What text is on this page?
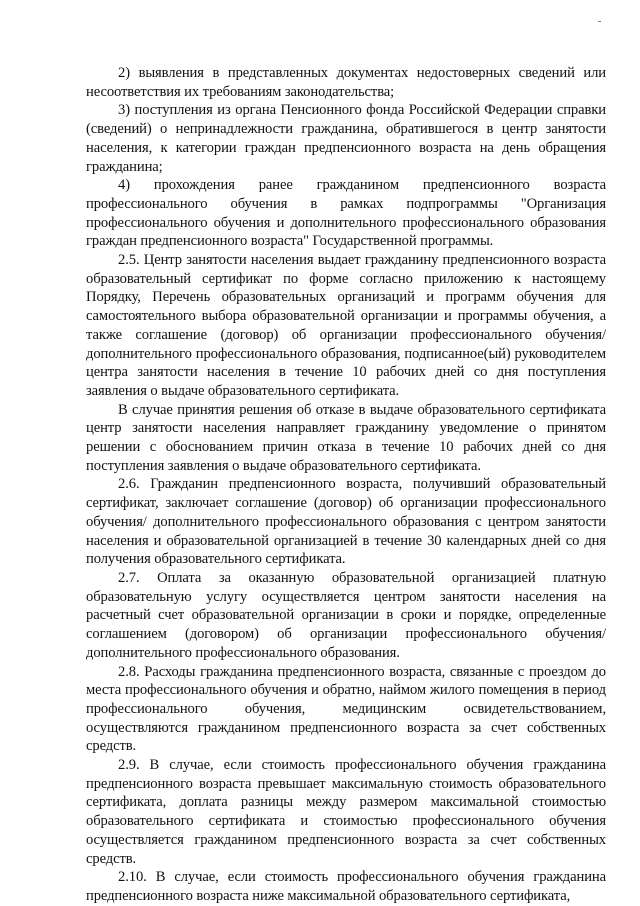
-

2) выявления в представленных документах недостоверных сведений или несоответствия их требованиям законодательства;

3) поступления из органа Пенсионного фонда Российской Федерации справки (сведений) о непринадлежности гражданина, обратившегося в центр занятости населения, к категории граждан предпенсионного возраста на день обращения гражданина;

4) прохождения ранее гражданином предпенсионного возраста профессионального обучения в рамках подпрограммы "Организация профессионального обучения и дополнительного профессионального образования граждан предпенсионного возраста" Государственной программы.

2.5. Центр занятости населения выдает гражданину предпенсионного возраста образовательный сертификат по форме согласно приложению к настоящему Порядку, Перечень образовательных организаций и программ обучения для самостоятельного выбора образовательной организации и программы обучения, а также соглашение (договор) об организации профессионального обучения/дополнительного профессионального образования, подписанное(ый) руководителем центра занятости населения в течение 10 рабочих дней со дня поступления заявления о выдаче образовательного сертификата.

В случае принятия решения об отказе в выдаче образовательного сертификата центр занятости населения направляет гражданину уведомление о принятом решении с обоснованием причин отказа в течение 10 рабочих дней со дня поступления заявления о выдаче образовательного сертификата.

2.6. Гражданин предпенсионного возраста, получивший образовательный сертификат, заключает соглашение (договор) об организации профессионального обучения/ дополнительного профессионального образования с центром занятости населения и образовательной организацией в течение 30 календарных дней со дня получения образовательного сертификата.

2.7. Оплата за оказанную образовательной организацией платную образовательную услугу осуществляется центром занятости населения на расчетный счет образовательной организации в сроки и порядке, определенные соглашением (договором) об организации профессионального обучения/ дополнительного профессионального образования.

2.8. Расходы гражданина предпенсионного возраста, связанные с проездом до места профессионального обучения и обратно, наймом жилого помещения в период профессионального обучения, медицинским освидетельствованием, осуществляются гражданином предпенсионного возраста за счет собственных средств.

2.9. В случае, если стоимость профессионального обучения гражданина предпенсионного возраста превышает максимальную стоимость образовательного сертификата, доплата разницы между размером максимальной стоимостью образовательного сертификата и стоимостью профессионального обучения осуществляется гражданином предпенсионного возраста за счет собственных средств.

2.10. В случае, если стоимость профессионального обучения гражданина предпенсионного возраста ниже максимальной образовательного сертификата,
